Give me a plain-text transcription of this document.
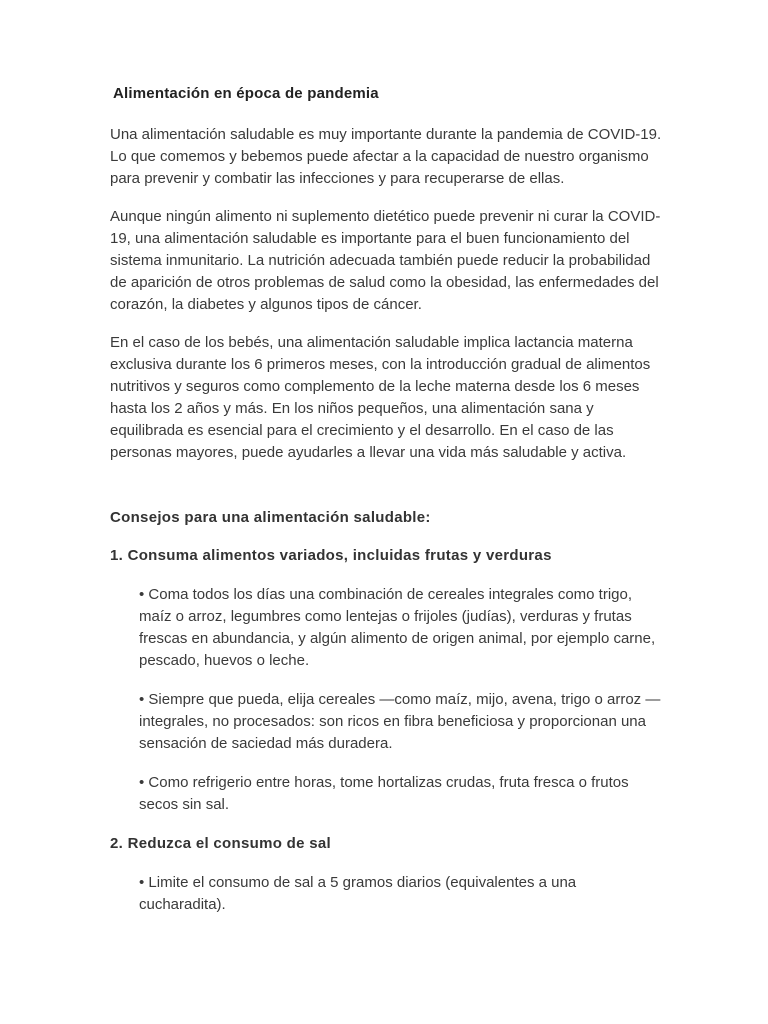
Alimentación en época de pandemia

Una alimentación saludable es muy importante durante la pandemia de COVID-19. Lo que comemos y bebemos puede afectar a la capacidad de nuestro organismo para prevenir y combatir las infecciones y para recuperarse de ellas.

Aunque ningún alimento ni suplemento dietético puede prevenir ni curar la COVID-19, una alimentación saludable es importante para el buen funcionamiento del sistema inmunitario. La nutrición adecuada también puede reducir la probabilidad de aparición de otros problemas de salud como la obesidad, las enfermedades del corazón, la diabetes y algunos tipos de cáncer.

En el caso de los bebés, una alimentación saludable implica lactancia materna exclusiva durante los 6 primeros meses, con la introducción gradual de alimentos nutritivos y seguros como complemento de la leche materna desde los 6 meses hasta los 2 años y más. En los niños pequeños, una alimentación sana y equilibrada es esencial para el crecimiento y el desarrollo. En el caso de las personas mayores, puede ayudarles a llevar una vida más saludable y activa.

Consejos para una alimentación saludable:
1. Consuma alimentos variados, incluidas frutas y verduras

• Coma todos los días una combinación de cereales integrales como trigo, maíz o arroz, legumbres como lentejas o frijoles (judías), verduras y frutas frescas en abundancia, y algún alimento de origen animal, por ejemplo carne, pescado, huevos o leche.

• Siempre que pueda, elija cereales —como maíz, mijo, avena, trigo o arroz — integrales, no procesados: son ricos en fibra beneficiosa y proporcionan una sensación de saciedad más duradera.

• Como refrigerio entre horas, tome hortalizas crudas, fruta fresca o frutos secos sin sal.

2. Reduzca el consumo de sal

• Limite el consumo de sal a 5 gramos diarios (equivalentes a una cucharadita).
